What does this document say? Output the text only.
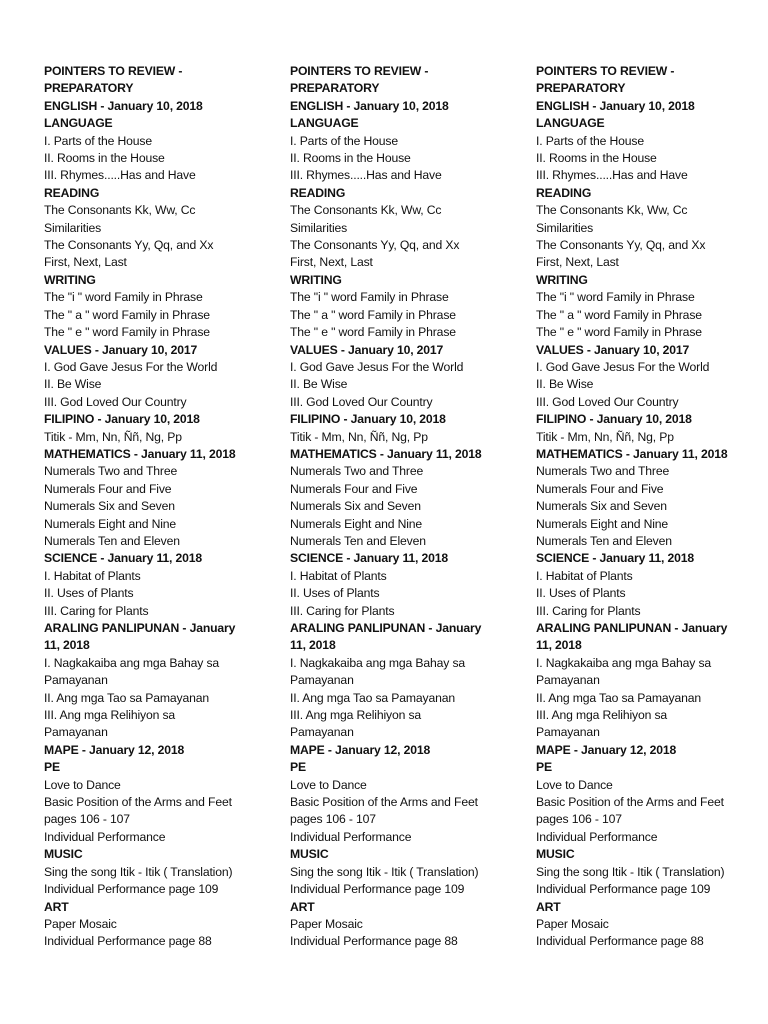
POINTERS TO REVIEW -
PREPARATORY
ENGLISH - January 10, 2018
LANGUAGE
I. Parts of the House
II. Rooms in the House
III. Rhymes.....Has and Have
READING
The Consonants Kk, Ww, Cc
Similarities
The Consonants Yy, Qq, and Xx
First, Next, Last
WRITING
The "i " word Family in Phrase
The " a " word Family in Phrase
The " e " word Family in Phrase
VALUES - January 10, 2017
I. God Gave Jesus For the World
II. Be Wise
III. God Loved Our Country
FILIPINO - January 10, 2018
Titik - Mm, Nn, Ññ, Ng, Pp
MATHEMATICS - January 11, 2018
Numerals Two and Three
Numerals Four and Five
Numerals Six and Seven
Numerals Eight and Nine
Numerals Ten and Eleven
SCIENCE - January 11, 2018
I. Habitat of Plants
II. Uses of Plants
III. Caring for Plants
ARALING PANLIPUNAN - January
11, 2018
I. Nagkakaiba ang mga Bahay sa
Pamayanan
II. Ang mga Tao sa Pamayanan
III. Ang mga Relihiyon sa
Pamayanan
MAPE - January 12, 2018
PE
Love to Dance
Basic Position of the Arms and Feet
pages 106 - 107
Individual Performance
MUSIC
Sing the song Itik - Itik ( Translation)
Individual Performance page 109
ART
Paper Mosaic
Individual Performance page 88
POINTERS TO REVIEW -
PREPARATORY
ENGLISH - January 10, 2018
LANGUAGE
I. Parts of the House
II. Rooms in the House
III. Rhymes.....Has and Have
READING
The Consonants Kk, Ww, Cc
Similarities
The Consonants Yy, Qq, and Xx
First, Next, Last
WRITING
The "i " word Family in Phrase
The " a " word Family in Phrase
The " e " word Family in Phrase
VALUES - January 10, 2017
I. God Gave Jesus For the World
II. Be Wise
III. God Loved Our Country
FILIPINO - January 10, 2018
Titik - Mm, Nn, Ññ, Ng, Pp
MATHEMATICS - January 11, 2018
Numerals Two and Three
Numerals Four and Five
Numerals Six and Seven
Numerals Eight and Nine
Numerals Ten and Eleven
SCIENCE - January 11, 2018
I. Habitat of Plants
II. Uses of Plants
III. Caring for Plants
ARALING PANLIPUNAN - January
11, 2018
I. Nagkakaiba ang mga Bahay sa
Pamayanan
II. Ang mga Tao sa Pamayanan
III. Ang mga Relihiyon sa
Pamayanan
MAPE - January 12, 2018
PE
Love to Dance
Basic Position of the Arms and Feet
pages 106 - 107
Individual Performance
MUSIC
Sing the song Itik - Itik ( Translation)
Individual Performance page 109
ART
Paper Mosaic
Individual Performance page 88
POINTERS TO REVIEW -
PREPARATORY
ENGLISH - January 10, 2018
LANGUAGE
I. Parts of the House
II. Rooms in the House
III. Rhymes.....Has and Have
READING
The Consonants Kk, Ww, Cc
Similarities
The Consonants Yy, Qq, and Xx
First, Next, Last
WRITING
The "i " word Family in Phrase
The " a " word Family in Phrase
The " e " word Family in Phrase
VALUES - January 10, 2017
I. God Gave Jesus For the World
II. Be Wise
III. God Loved Our Country
FILIPINO - January 10, 2018
Titik - Mm, Nn, Ññ, Ng, Pp
MATHEMATICS - January 11, 2018
Numerals Two and Three
Numerals Four and Five
Numerals Six and Seven
Numerals Eight and Nine
Numerals Ten and Eleven
SCIENCE - January 11, 2018
I. Habitat of Plants
II. Uses of Plants
III. Caring for Plants
ARALING PANLIPUNAN - January
11, 2018
I. Nagkakaiba ang mga Bahay sa
Pamayanan
II. Ang mga Tao sa Pamayanan
III. Ang mga Relihiyon sa
Pamayanan
MAPE - January 12, 2018
PE
Love to Dance
Basic Position of the Arms and Feet
pages 106 - 107
Individual Performance
MUSIC
Sing the song Itik - Itik ( Translation)
Individual Performance page 109
ART
Paper Mosaic
Individual Performance page 88
